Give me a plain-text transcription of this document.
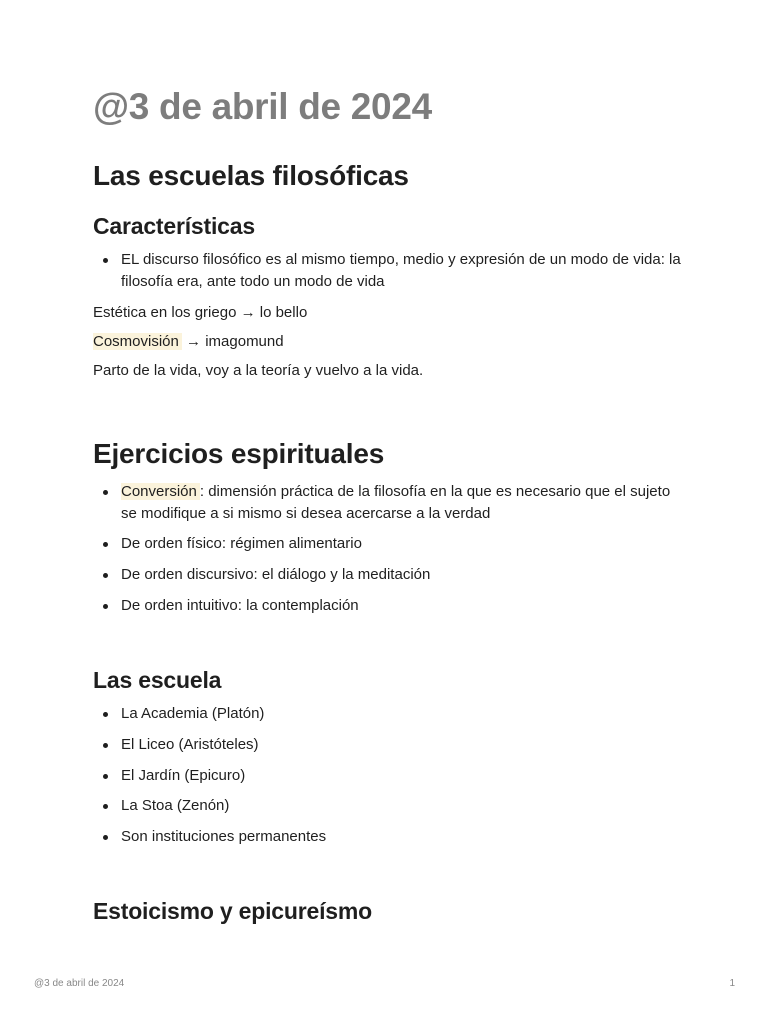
@3 de abril de 2024
Las escuelas filosóficas
Características
EL discurso filosófico es al mismo tiempo, medio y expresión de un modo de vida: la filosofía era, ante todo un modo de vida

Estética en los griego → lo bello

Cosmovisión → imagomund

Parto de la vida, voy a la teoría y vuelvo a la vida.

Ejercicios espirituales
Conversión : dimensión práctica de la filosofía en la que es necesario que el sujeto se modifique a si mismo si desea acercarse a la verdad
De orden físico: régimen alimentario
De orden discursivo: el diálogo y la meditación
De orden intuitivo: la contemplación
Las escuela
La Academia (Platón)
El Liceo (Aristóteles)
El Jardín (Epicuro)
La Stoa (Zenón)
Son instituciones permanentes
Estoicismo y epicureísmo
@3 de abril de 2024	1
